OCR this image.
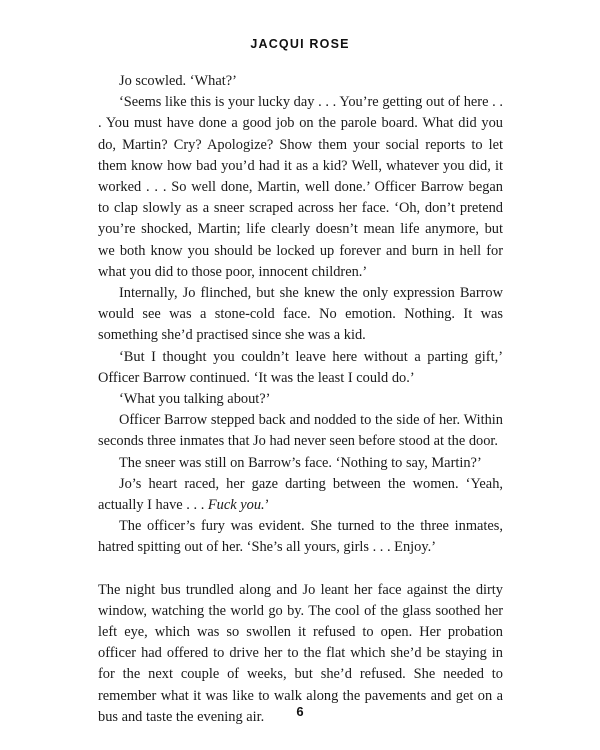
JACQUI ROSE

Jo scowled. ‘What?’

‘Seems like this is your lucky day . . . You’re getting out of here . . . You must have done a good job on the parole board. What did you do, Martin? Cry? Apologize? Show them your social reports to let them know how bad you’d had it as a kid? Well, whatever you did, it worked . . . So well done, Martin, well done.’ Officer Barrow began to clap slowly as a sneer scraped across her face. ‘Oh, don’t pretend you’re shocked, Martin; life clearly doesn’t mean life anymore, but we both know you should be locked up forever and burn in hell for what you did to those poor, innocent children.’

Internally, Jo flinched, but she knew the only expression Barrow would see was a stone-cold face. No emotion. Nothing. It was something she’d practised since she was a kid.

‘But I thought you couldn’t leave here without a parting gift,’ Officer Barrow continued. ‘It was the least I could do.’

‘What you talking about?’

Officer Barrow stepped back and nodded to the side of her. Within seconds three inmates that Jo had never seen before stood at the door.

The sneer was still on Barrow’s face. ‘Nothing to say, Martin?’

Jo’s heart raced, her gaze darting between the women. ‘Yeah, actually I have . . . Fuck you.’

The officer’s fury was evident. She turned to the three inmates, hatred spitting out of her. ‘She’s all yours, girls . . . Enjoy.’

The night bus trundled along and Jo leant her face against the dirty window, watching the world go by. The cool of the glass soothed her left eye, which was so swollen it refused to open. Her probation officer had offered to drive her to the flat which she’d be staying in for the next couple of weeks, but she’d refused. She needed to remember what it was like to walk along the pavements and get on a bus and taste the evening air.	6
